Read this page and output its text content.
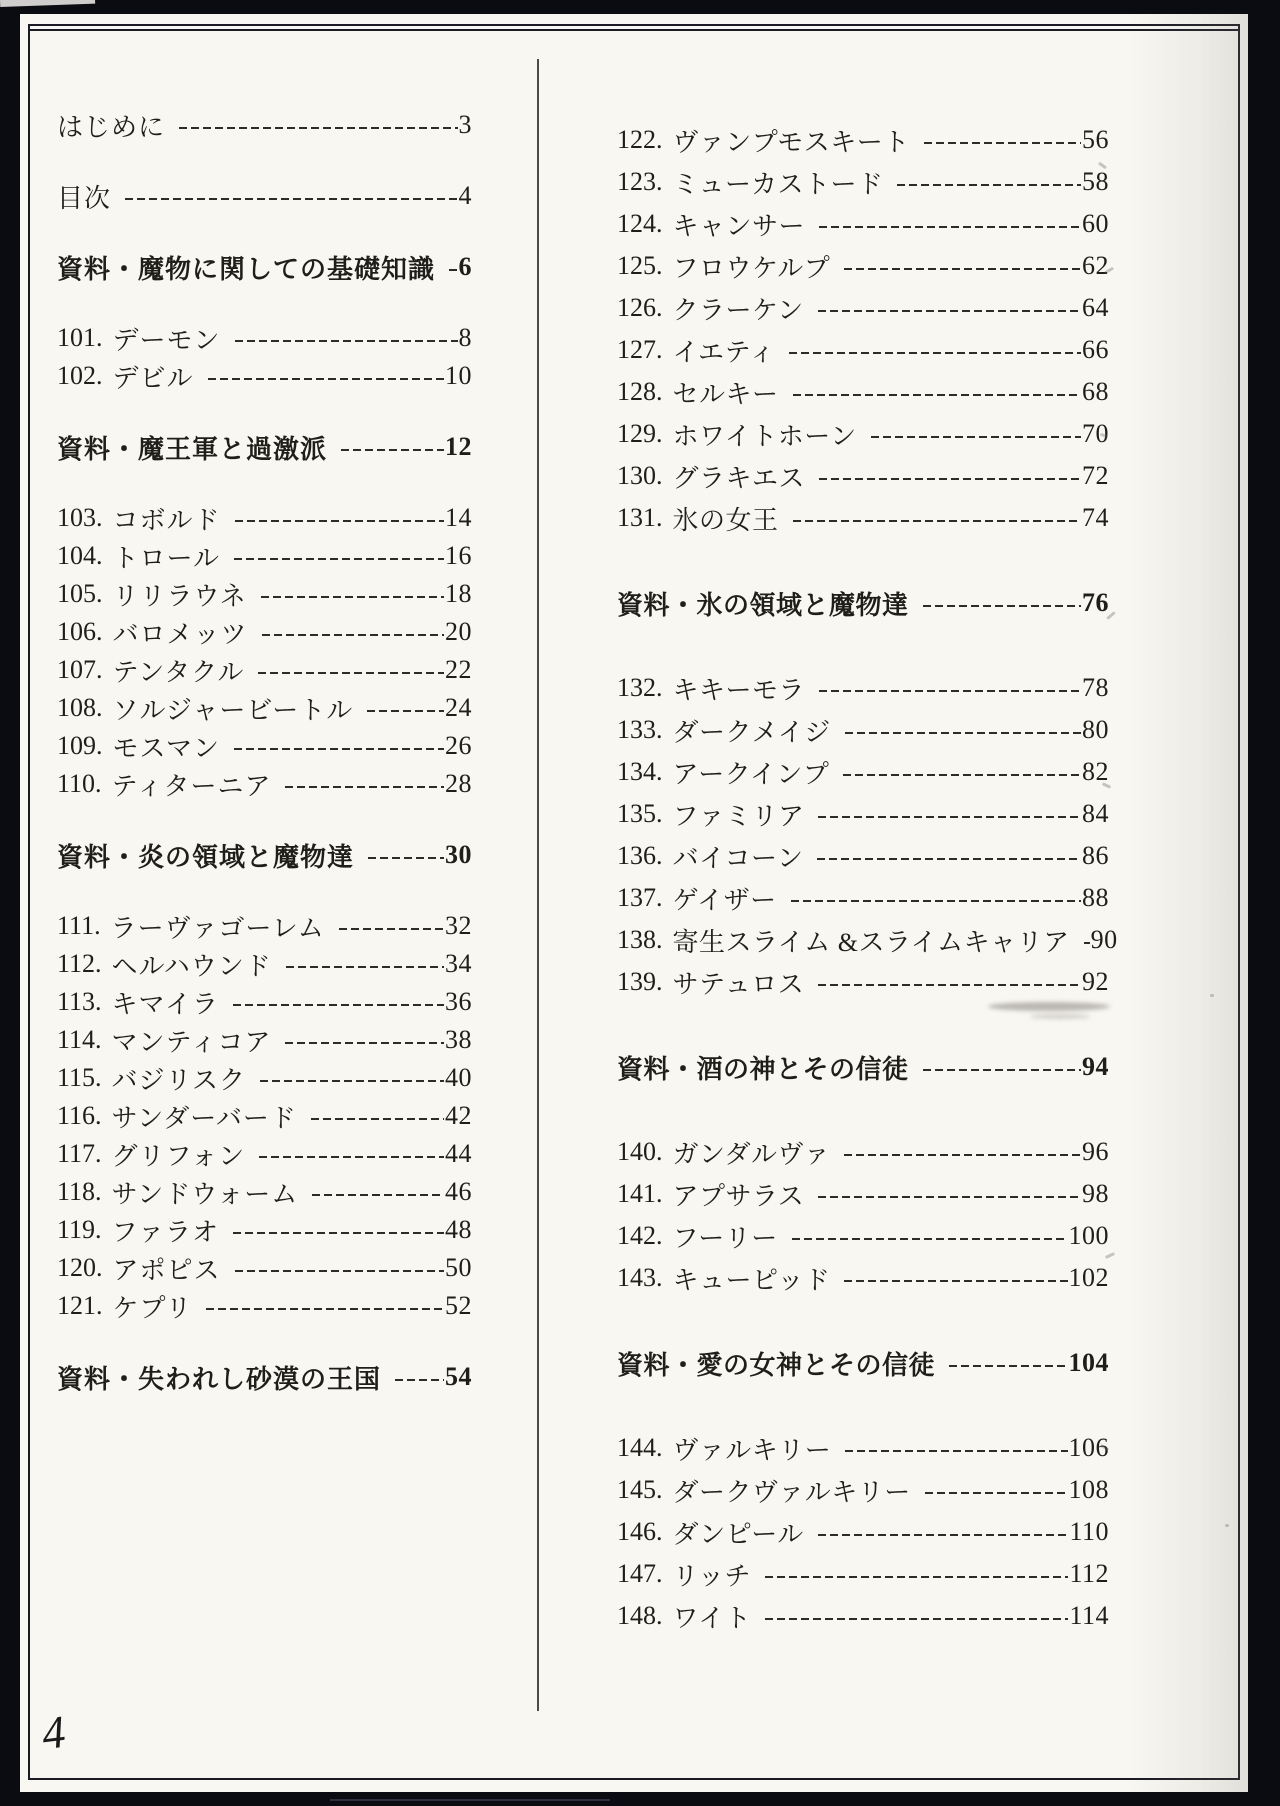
はじめに	3
目次	4
資料・魔物に関しての基礎知識 6
101. デーモン	8
102. デビル	10
資料・魔王軍と過激派	12
103. コボルド	14
104. トロール	16
105. リリラウネ	18
106. バロメッツ	20
107. テンタクル	22
108. ソルジャービートル	24
109. モスマン	26
110. ティターニア	28
資料・炎の領域と魔物達	30
111. ラーヴァゴーレム	32
112. ヘルハウンド	34
113. キマイラ	36
114. マンティコア	38
115. バジリスク	40
116. サンダーバード	42
117. グリフォン	44
118. サンドウォーム	46
119. ファラオ	48
120. アポピス	50
121. ケプリ	52
資料・失われし砂漠の王国 54
122. ヴァンプモスキート	56
123. ミューカストード	58
124. キャンサー	60
125. フロウケルプ	62
126. クラーケン	64
127. イエティ	66
128. セルキー	68
129. ホワイトホーン	70
130. グラキエス	72
131. 氷の女王	74
資料・氷の領域と魔物達	76
132. キキーモラ	78
133. ダークメイジ	80
134. アークインプ	82
135. ファミリア	84
136. バイコーン	86
137. ゲイザー	88
138. 寄生スライム &スライムキャリア 90
139. サテュロス	92
資料・酒の神とその信徒	94
140. ガンダルヴァ	96
141. アプサラス	98
142. フーリー	100
143. キューピッド	102
資料・愛の女神とその信徒	104
144. ヴァルキリー	106
145. ダークヴァルキリー	108
146. ダンピール	110
147. リッチ	112
148. ワイト	114
4
